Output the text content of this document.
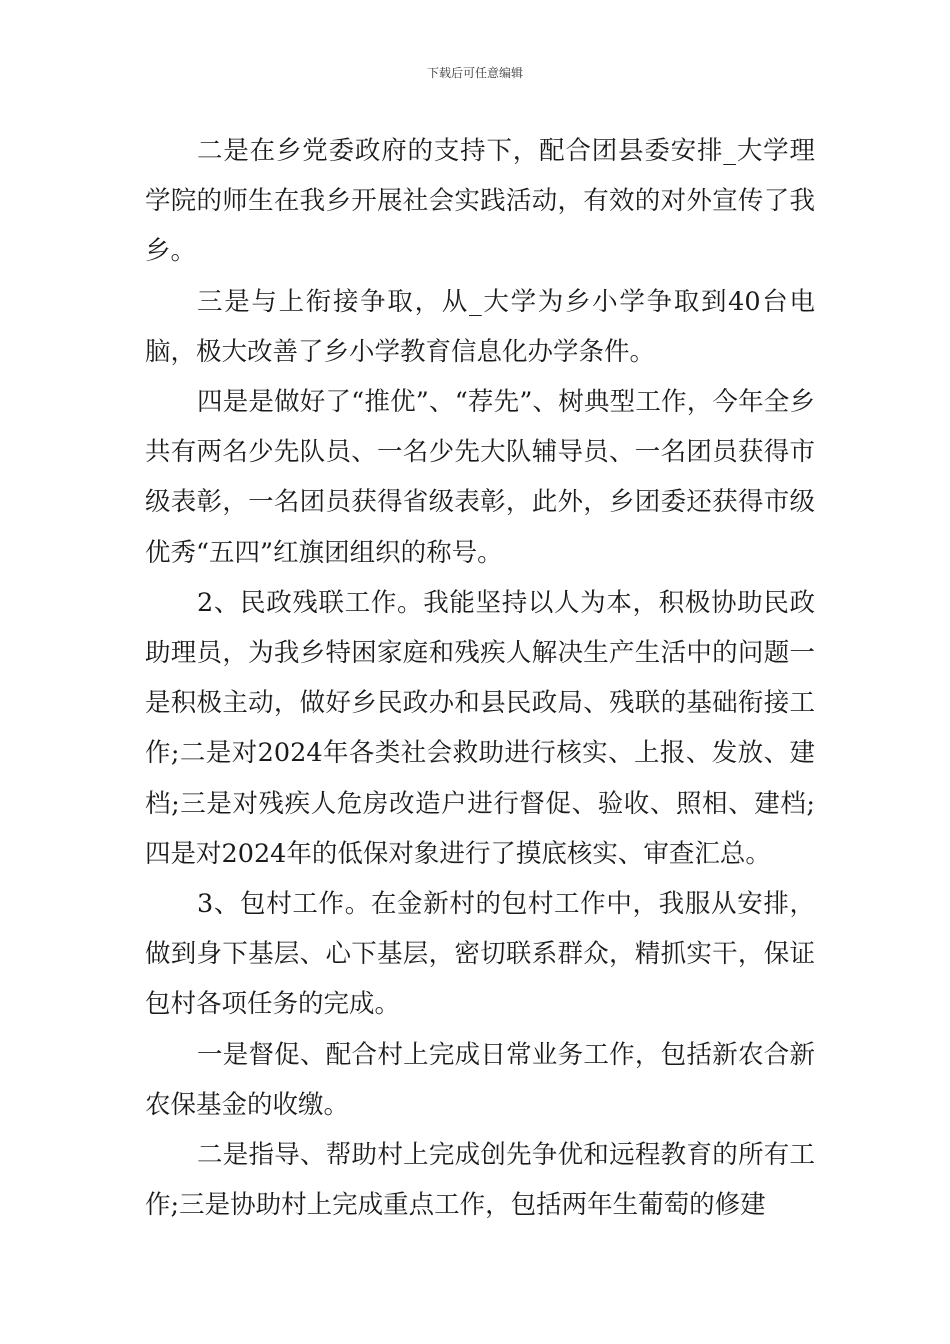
下载后可任意编辑

二是在乡党委政府的支持下，配合团县委安排_大学理学院的师生在我乡开展社会实践活动，有效的对外宣传了我乡。

三是与上衔接争取，从_大学为乡小学争取到40台电脑，极大改善了乡小学教育信息化办学条件。

四是是做好了“推优”、“荐先”、树典型工作，今年全乡共有两名少先队员、一名少先大队辅导员、一名团员获得市级表彰，一名团员获得省级表彰，此外，乡团委还获得市级优秀“五四”红旗团组织的称号。

2、民政残联工作。我能坚持以人为本，积极协助民政助理员，为我乡特困家庭和残疾人解决生产生活中的问题一是积极主动，做好乡民政办和县民政局、残联的基础衔接工作;二是对2024年各类社会救助进行核实、上报、发放、建档;三是对残疾人危房改造户进行督促、验收、照相、建档;四是对2024年的低保对象进行了摸底核实、审查汇总。

3、包村工作。在金新村的包村工作中，我服从安排，做到身下基层、心下基层，密切联系群众，精抓实干，保证包村各项任务的完成。

一是督促、配合村上完成日常业务工作，包括新农合新农保基金的收缴。

二是指导、帮助村上完成创先争优和远程教育的所有工作;三是协助村上完成重点工作，包括两年生葡萄的修建
